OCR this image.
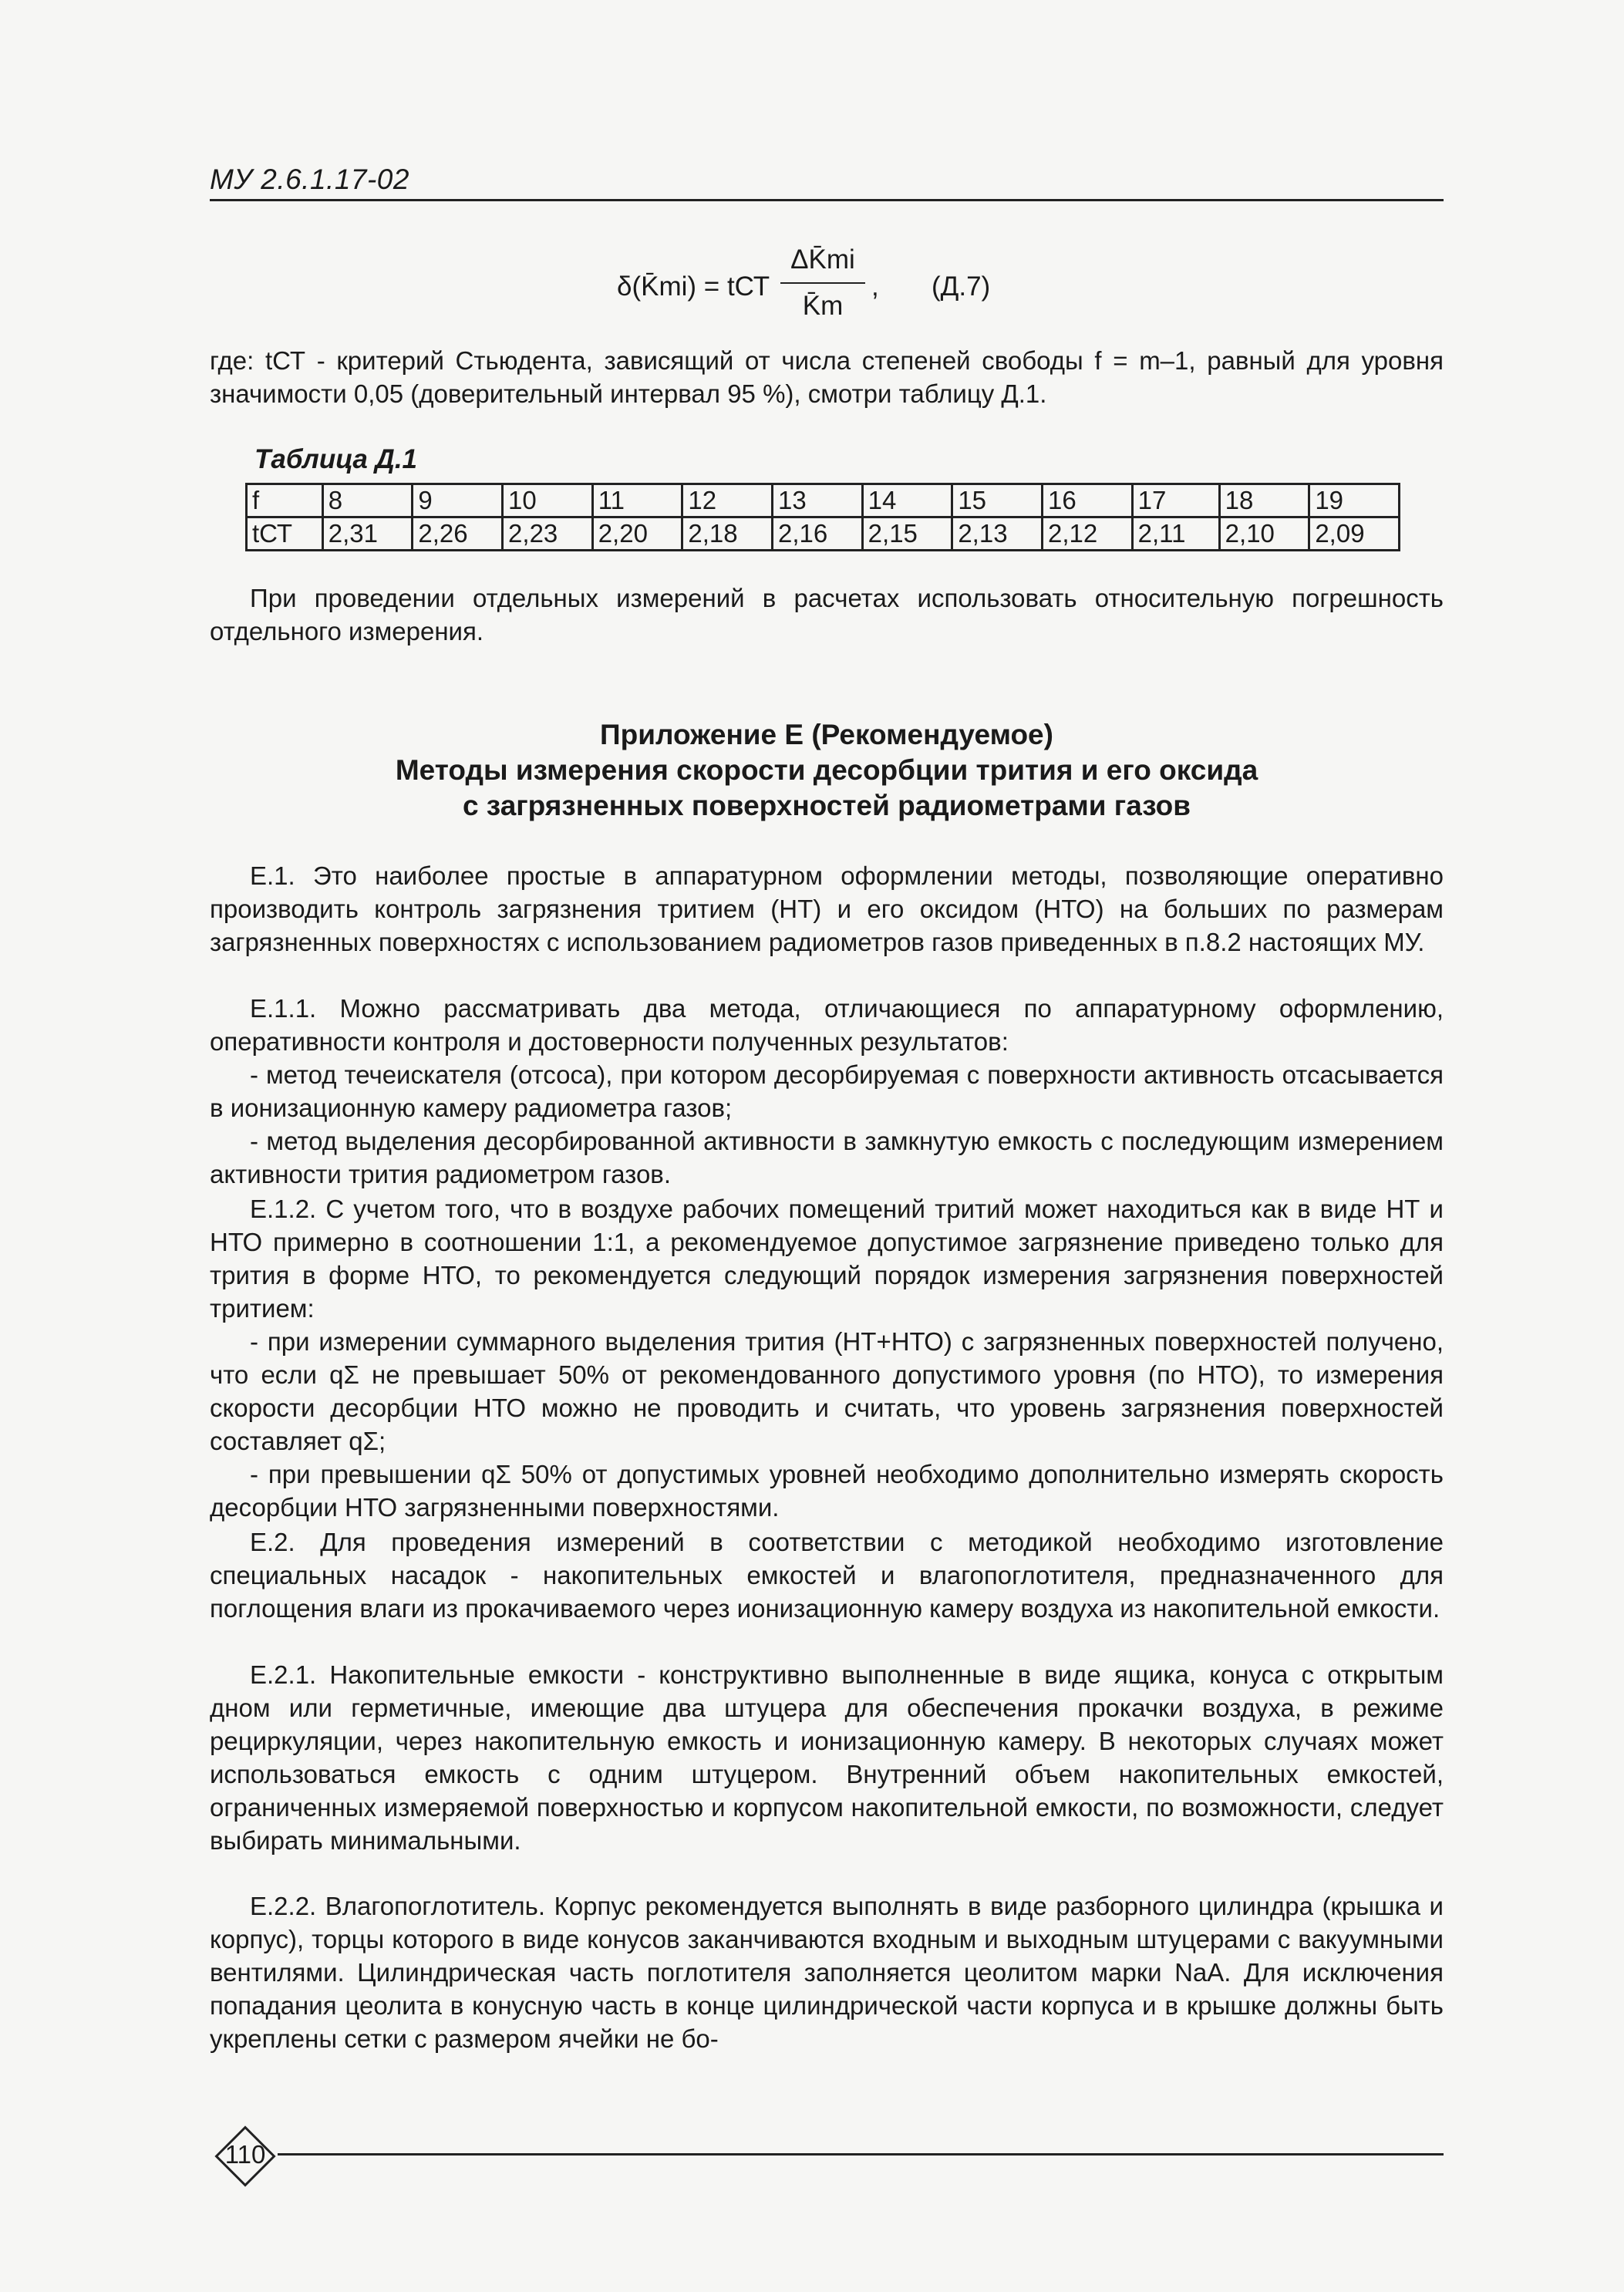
МУ 2.6.1.17-02
δ(K̄mi) = tСТ
ΔK̄mi
K̄m
, (Д.7)
где: tСТ - критерий Стьюдента, зависящий от числа степеней свободы f = m–1, равный для уровня значимости 0,05 (доверительный интервал 95 %), смотри таблицу Д.1.
Таблица Д.1
f	8	9	10	11	12	13	14	15	16	17	18	19
tСТ	2,31	2,26	2,23	2,20	2,18	2,16	2,15	2,13	2,12	2,11	2,10	2,09
При проведении отдельных измерений в расчетах использовать относительную погрешность отдельного измерения.
Приложение Е (Рекомендуемое)
Методы измерения скорости десорбции трития и его оксида
с загрязненных поверхностей радиометрами газов
Е.1. Это наиболее простые в аппаратурном оформлении методы, позволяющие оперативно производить контроль загрязнения тритием (НТ) и его оксидом (НТО) на больших по размерам загрязненных поверхностях с использованием радиометров газов приведенных в п.8.2 настоящих МУ.
Е.1.1. Можно рассматривать два метода, отличающиеся по аппаратурному оформлению, оперативности контроля и достоверности полученных результатов:
- метод течеискателя (отсоса), при котором десорбируемая с поверхности активность отсасывается в ионизационную камеру радиометра газов;
- метод выделения десорбированной активности в замкнутую емкость с последующим измерением активности трития радиометром газов.
Е.1.2. С учетом того, что в воздухе рабочих помещений тритий может находиться как в виде НТ и НТО примерно в соотношении 1:1, а рекомендуемое допустимое загрязнение приведено только для трития в форме НТО, то рекомендуется следующий порядок измерения загрязнения поверхностей тритием:
- при измерении суммарного выделения трития (НТ+НТО) с загрязненных поверхностей получено, что если qΣ не превышает 50% от рекомендованного допустимого уровня (по НТО), то измерения скорости десорбции НТО можно не проводить и считать, что уровень загрязнения поверхностей составляет qΣ;
- при превышении qΣ 50% от допустимых уровней необходимо дополнительно измерять скорость десорбции НТО загрязненными поверхностями.
Е.2. Для проведения измерений в соответствии с методикой необходимо изготовление специальных насадок - накопительных емкостей и влагопоглотителя, предназначенного для поглощения влаги из прокачиваемого через ионизационную камеру воздуха из накопительной емкости.
Е.2.1. Накопительные емкости - конструктивно выполненные в виде ящика, конуса с открытым дном или герметичные, имеющие два штуцера для обеспечения прокачки воздуха, в режиме рециркуляции, через накопительную емкость и ионизационную камеру. В некоторых случаях может использоваться емкость с одним штуцером. Внутренний объем накопительных емкостей, ограниченных измеряемой поверхностью и корпусом накопительной емкости, по возможности, следует выбирать минимальными.
Е.2.2. Влагопоглотитель. Корпус рекомендуется выполнять в виде разборного цилиндра (крышка и корпус), торцы которого в виде конусов заканчиваются входным и выходным штуцерами с вакуумными вентилями. Цилиндрическая часть поглотителя заполняется цеолитом марки NaA. Для исключения попадания цеолита в конусную часть в конце цилиндрической части корпуса и в крышке должны быть укреплены сетки с размером ячейки не бо-
110
